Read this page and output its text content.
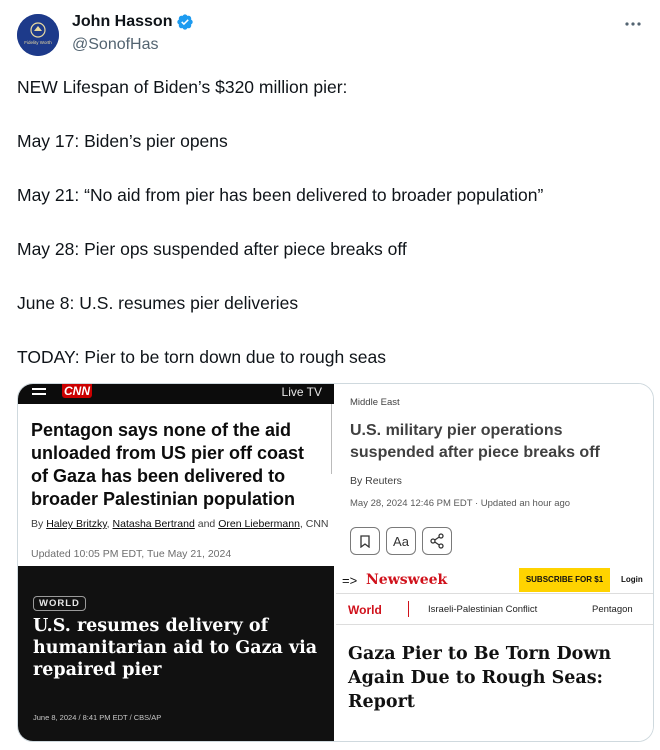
Fidelity Worth
John Hasson
@SonofHas

NEW Lifespan of Biden’s $320 million pier:

May 17: Biden’s pier opens

May 21: “No aid from pier has been delivered to broader population”

May 28: Pier ops suspended after piece breaks off

June 8: U.S. resumes pier deliveries

TODAY: Pier to be torn down due to rough seas

CNN	Live TV
Pentagon says none of the aid unloaded from US pier off coast of Gaza has been delivered to broader Palestinian population
By Haley Britzky, Natasha Bertrand and Oren Liebermann, CNN
Updated 10:05 PM EDT, Tue May 21, 2024
Middle East
U.S. military pier operations suspended after piece breaks off
By Reuters
May 28, 2024 12:46 PM EDT · Updated an hour ago
Aa
WORLD
U.S. resumes delivery of humanitarian aid to Gaza via repaired pier
June 8, 2024 / 8:41 PM EDT / CBS/AP
=> Newsweek	SUBSCRIBE FOR $1	Login
World	Israeli-Palestinian Conflict	Pentagon
Gaza Pier to Be Torn Down Again Due to Rough Seas: Report
